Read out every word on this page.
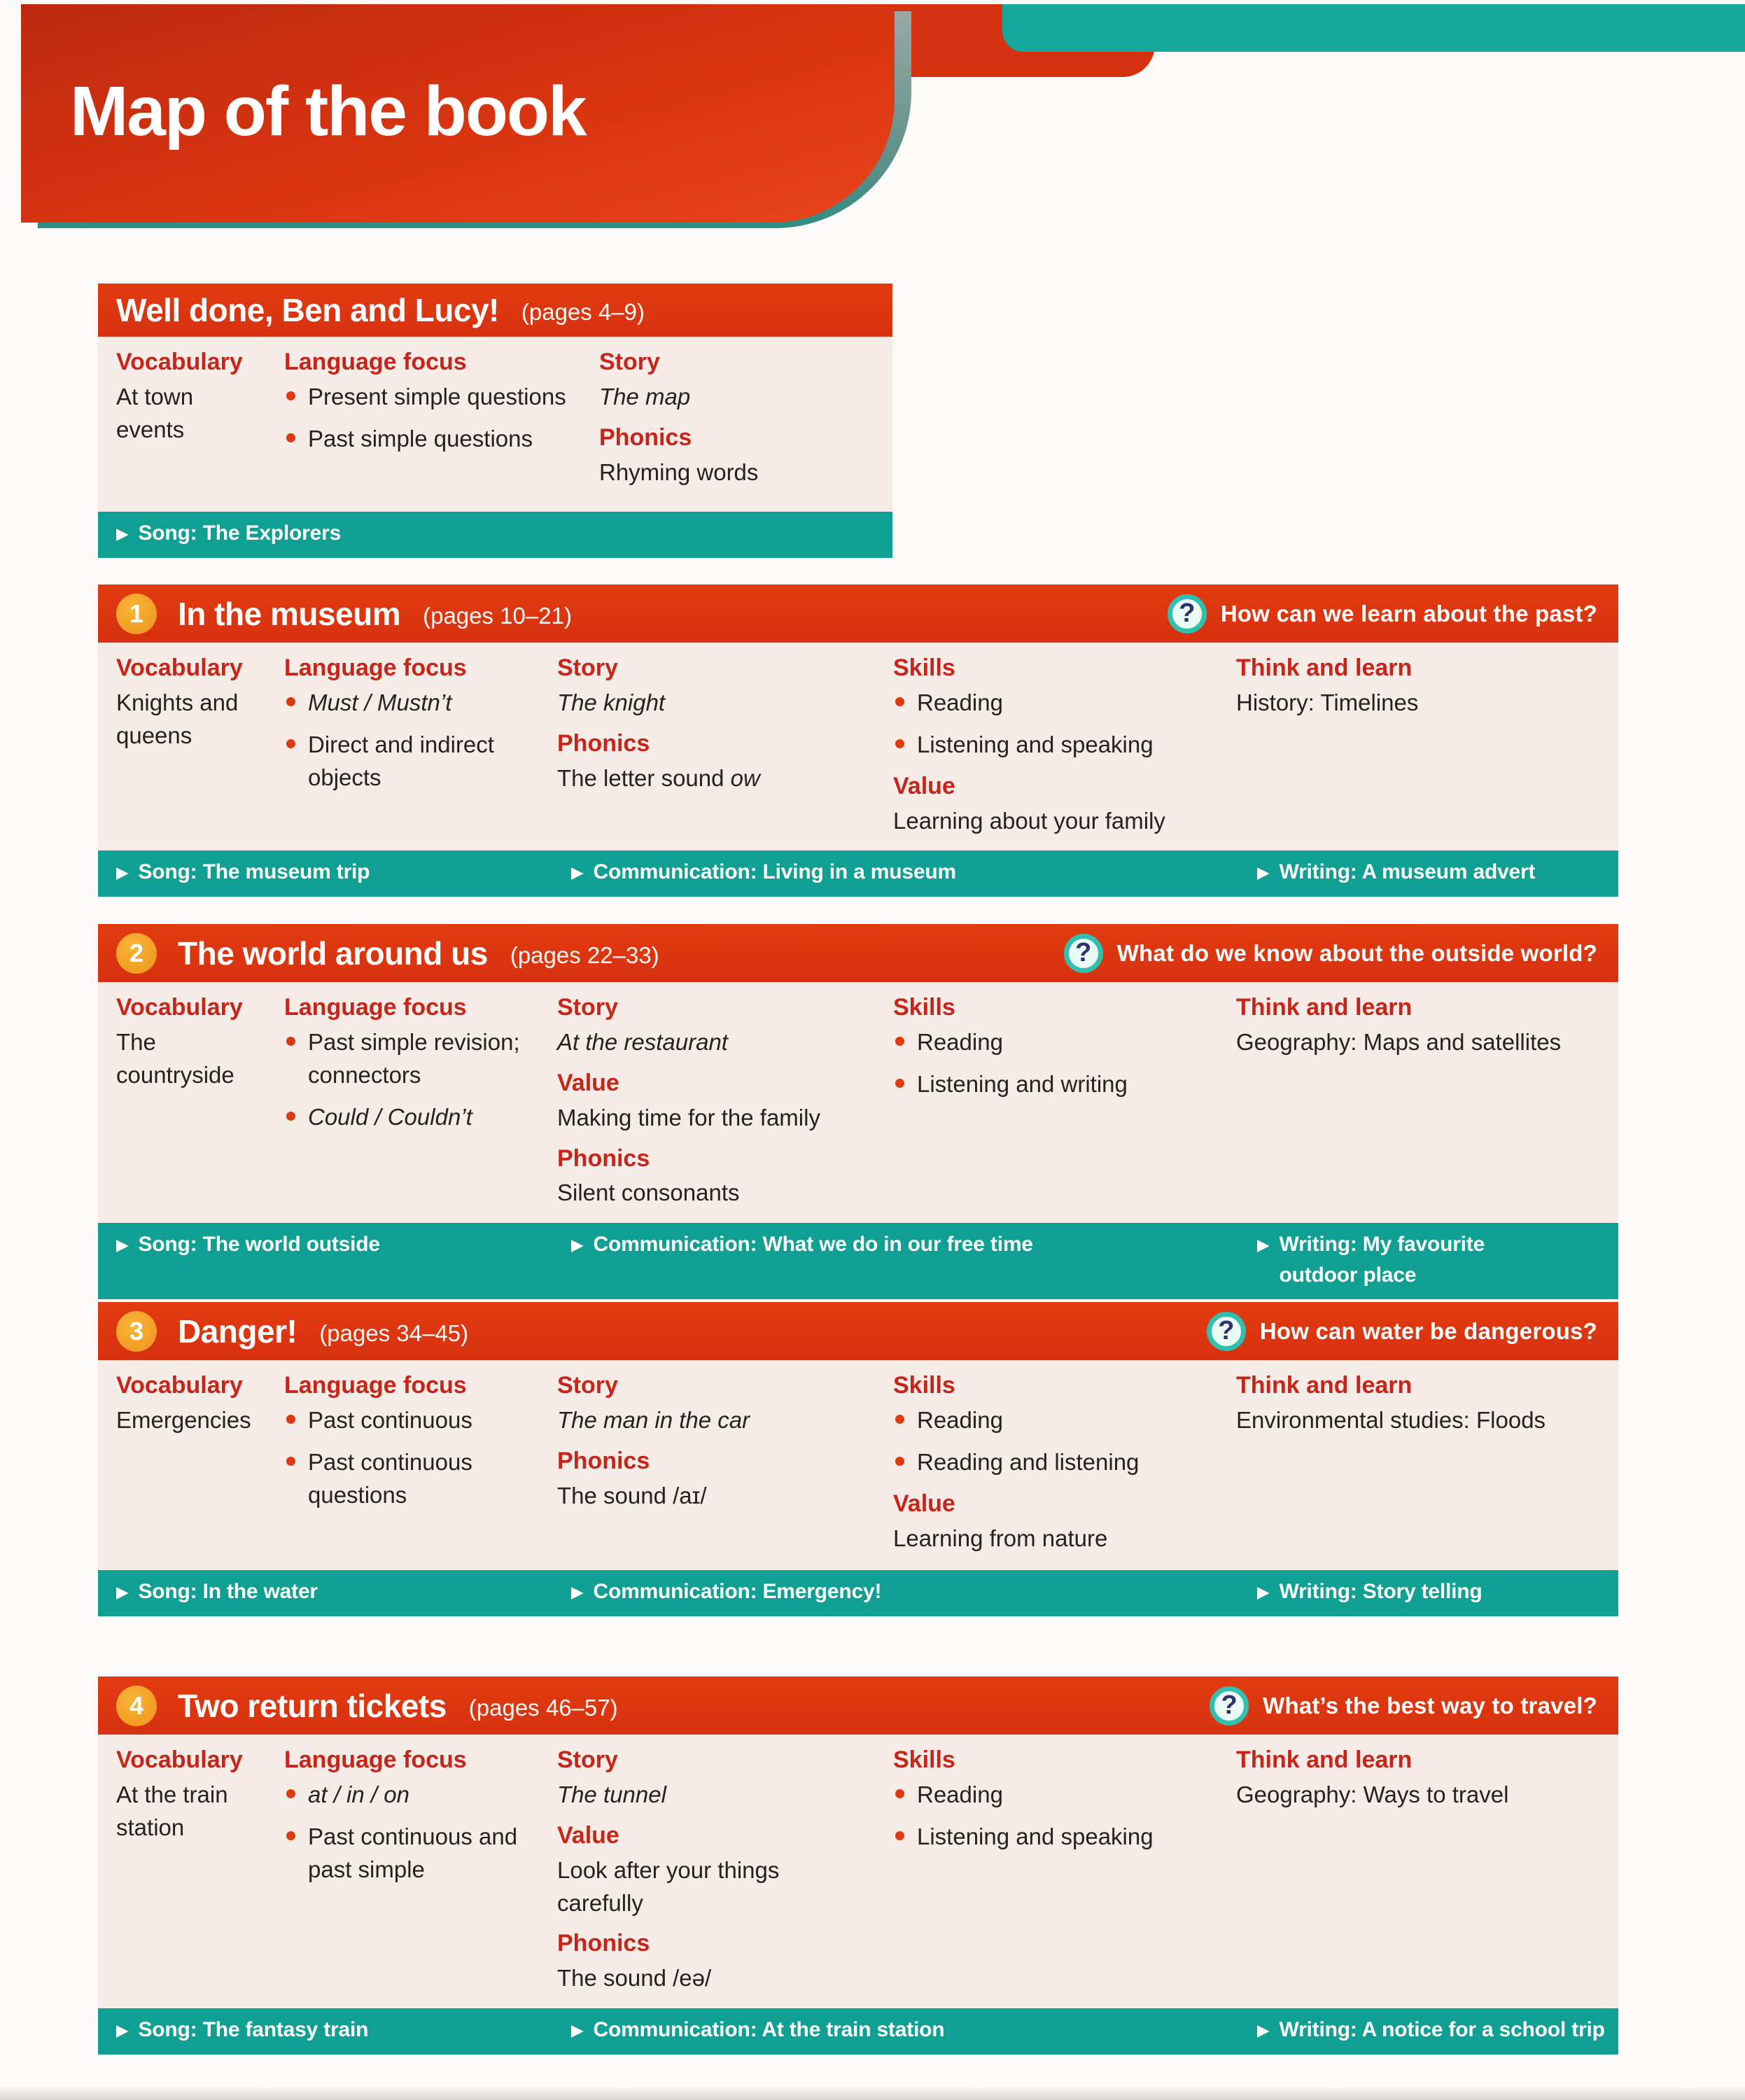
Map of the book
Well done, Ben and Lucy! (pages 4–9)
Vocabulary
At town events
Language focus
Present simple questions
Past simple questions
Story
The map
Phonics
Rhyming words
▶ Song: The Explorers
1	In the museum (pages 10–21)	?	How can we learn about the past?
Vocabulary
Knights and queens
Language focus
Must / Mustn’t
Direct and indirect objects
Story
The knight
Phonics
The letter sound ow
Skills
Reading
Listening and speaking
Value
Learning about your family
Think and learn
History: Timelines
▶ Song: The museum trip	▶ Communication: Living in a museum	▶ Writing: A museum advert
2	The world around us (pages 22–33)	?	What do we know about the outside world?
Vocabulary
The countryside
Language focus
Past simple revision; connectors
Could / Couldn’t
Story
At the restaurant
Value
Making time for the family
Phonics
Silent consonants
Skills
Reading
Listening and writing
Think and learn
Geography: Maps and satellites
▶ Song: The world outside	▶ Communication: What we do in our free time	▶ Writing: My favourite outdoor place
3	Danger! (pages 34–45)	?	How can water be dangerous?
Vocabulary
Emergencies
Language focus
Past continuous
Past continuous questions
Story
The man in the car
Phonics
The sound /aɪ/
Skills
Reading
Reading and listening
Value
Learning from nature
Think and learn
Environmental studies: Floods
▶ Song: In the water	▶ Communication: Emergency!	▶ Writing: Story telling
4	Two return tickets (pages 46–57)	?	What’s the best way to travel?
Vocabulary
At the train station
Language focus
at / in / on
Past continuous and past simple
Story
The tunnel
Value
Look after your things carefully
Phonics
The sound /eə/
Skills
Reading
Listening and speaking
Think and learn
Geography: Ways to travel
▶ Song: The fantasy train	▶ Communication: At the train station	▶ Writing: A notice for a school trip
